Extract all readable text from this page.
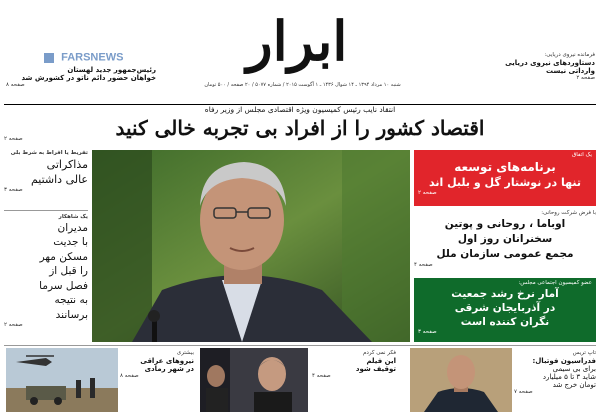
ابرار
شنبه ۱۰ مرداد ۱۳۹۴ ـ ۱۴ شوال ۱۴۳۶ ـ ۱ آگوست ۲۰۱۵ / شماره ۵۰۷۷ / ۲۰ صفحه / ۵۰۰ تومان
FARSNEWS
رئیس‌جمهور جدید لهستان
خواهان حضور دائم ناتو در کشورش شد
صفحه ۸
فرمانده نیروی دریایی:
دستاوردهای نیروی دریایی
وارداتی نیست
صفحه ۲
انتقاد نایب رئیس کمیسیون ویژه اقتصادی مجلس از وزیر رفاه
اقتصاد کشور را از افراد بی تجربه خالی کنید
صفحه ۲
تفریط یا افراط به شرط بلی
مذاکراتی
عالی داشتیم
صفحه ۳
یک شاهکار
مدیران
با جدیت
مسکن مهر
را قبل از
فصل سرما
به نتیجه
برسانند
صفحه ۲
یک اتفاق
برنامه‌های توسعه
تنها در نوشتار گل و بلبل اند
صفحه ۲
با فرض شرکت روحانی:
اوباما ، روحانی و پوتین
سخنرانان روز اول
مجمع عمومی سازمان ملل
صفحه ۴
عضو کمیسیون اجتماعی مجلس:
آمار نرخ رشد جمعیت
در آذربایجان شرقی
نگران کننده است
صفحه ۳
بیشتری
نیروهای عراقی
در شهر رمادی
صفحه ۸
فکر نمی کردم
این فیلم
توقیف شود
صفحه ۴
تاپ تریس
فدراسیون فوتبال:
برای بی سیمی
شاید ۳ تا ۵ میلیارد
تومان خرج شد
صفحه ۷
